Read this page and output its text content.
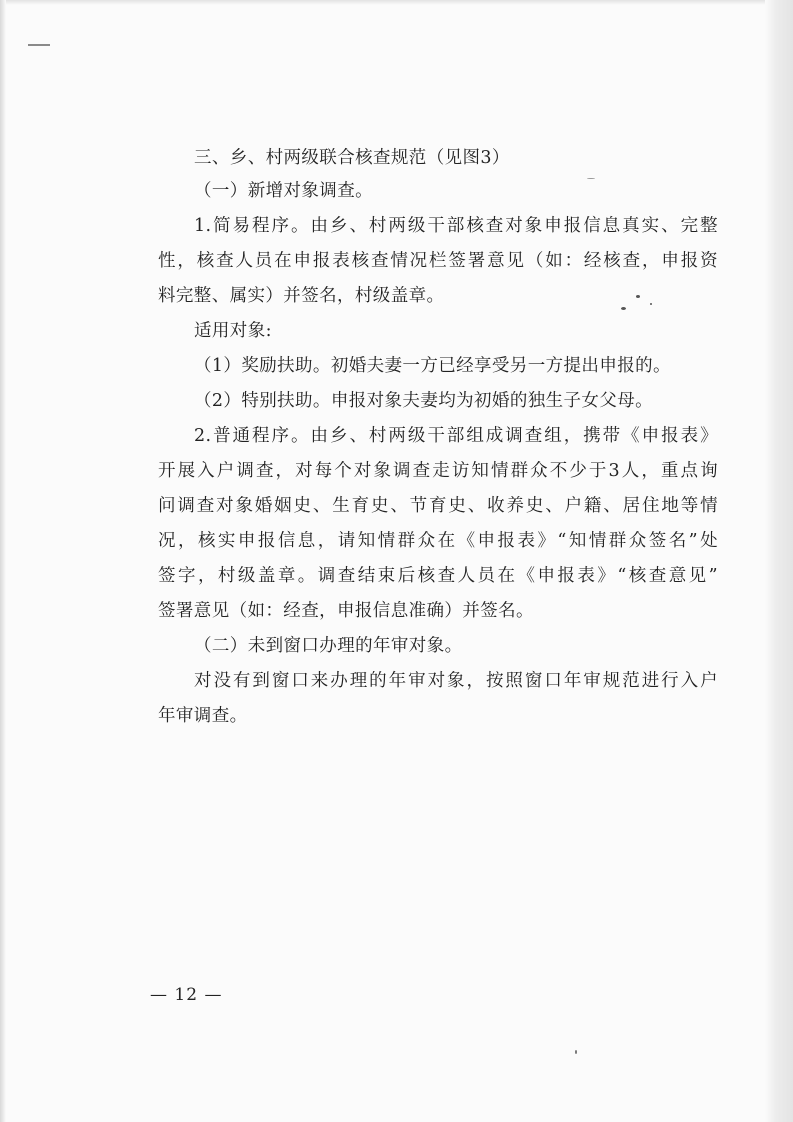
三、乡、村两级联合核查规范（见图3）
（一）新增对象调查。
1.简易程序。由乡、村两级干部核查对象申报信息真实、完整
性，核查人员在申报表核查情况栏签署意见（如：经核查，申报资
料完整、属实）并签名，村级盖章。
适用对象:
（1）奖励扶助。初婚夫妻一方已经享受另一方提出申报的。
（2）特别扶助。申报对象夫妻均为初婚的独生子女父母。
2.普通程序。由乡、村两级干部组成调查组，携带《申报表》
开展入户调查，对每个对象调查走访知情群众不少于3人，重点询
问调查对象婚姻史、生育史、节育史、收养史、户籍、居住地等情
况，核实申报信息，请知情群众在《申报表》“知情群众签名”处
签字，村级盖章。调查结束后核查人员在《申报表》“核查意见”
签署意见（如：经查，申报信息准确）并签名。
（二）未到窗口办理的年审对象。
对没有到窗口来办理的年审对象，按照窗口年审规范进行入户
年审调查。
— 12 —
